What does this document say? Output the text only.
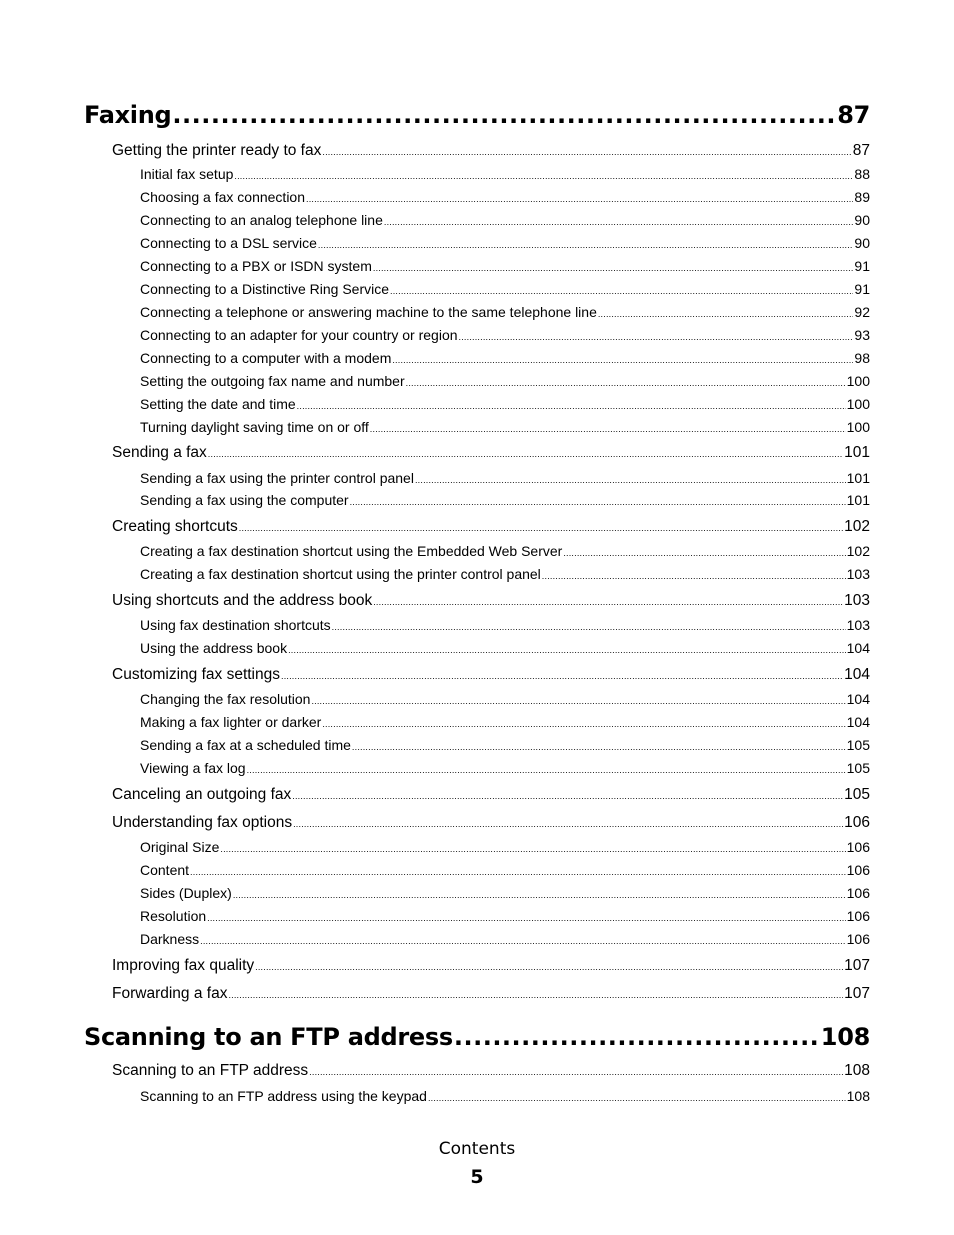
Faxing .....	87
Getting the printer ready to fax .....	87
Initial fax setup .....	88
Choosing a fax connection .....	89
Connecting to an analog telephone line .....	90
Connecting to a DSL service .....	90
Connecting to a PBX or ISDN system .....	91
Connecting to a Distinctive Ring Service .....	91
Connecting a telephone or answering machine to the same telephone line .....	92
Connecting to an adapter for your country or region .....	93
Connecting to a computer with a modem .....	98
Setting the outgoing fax name and number .....	100
Setting the date and time .....	100
Turning daylight saving time on or off .....	100
Sending a fax .....	101
Sending a fax using the printer control panel .....	101
Sending a fax using the computer .....	101
Creating shortcuts .....	102
Creating a fax destination shortcut using the Embedded Web Server .....	102
Creating a fax destination shortcut using the printer control panel .....	103
Using shortcuts and the address book .....	103
Using fax destination shortcuts .....	103
Using the address book .....	104
Customizing fax settings .....	104
Changing the fax resolution .....	104
Making a fax lighter or darker .....	104
Sending a fax at a scheduled time .....	105
Viewing a fax log .....	105
Canceling an outgoing fax .....	105
Understanding fax options .....	106
Original Size .....	106
Content .....	106
Sides (Duplex) .....	106
Resolution .....	106
Darkness .....	106
Improving fax quality .....	107
Forwarding a fax .....	107
Scanning to an FTP address .....	108
Scanning to an FTP address .....	108
Scanning to an FTP address using the keypad .....	108
Contents
5
